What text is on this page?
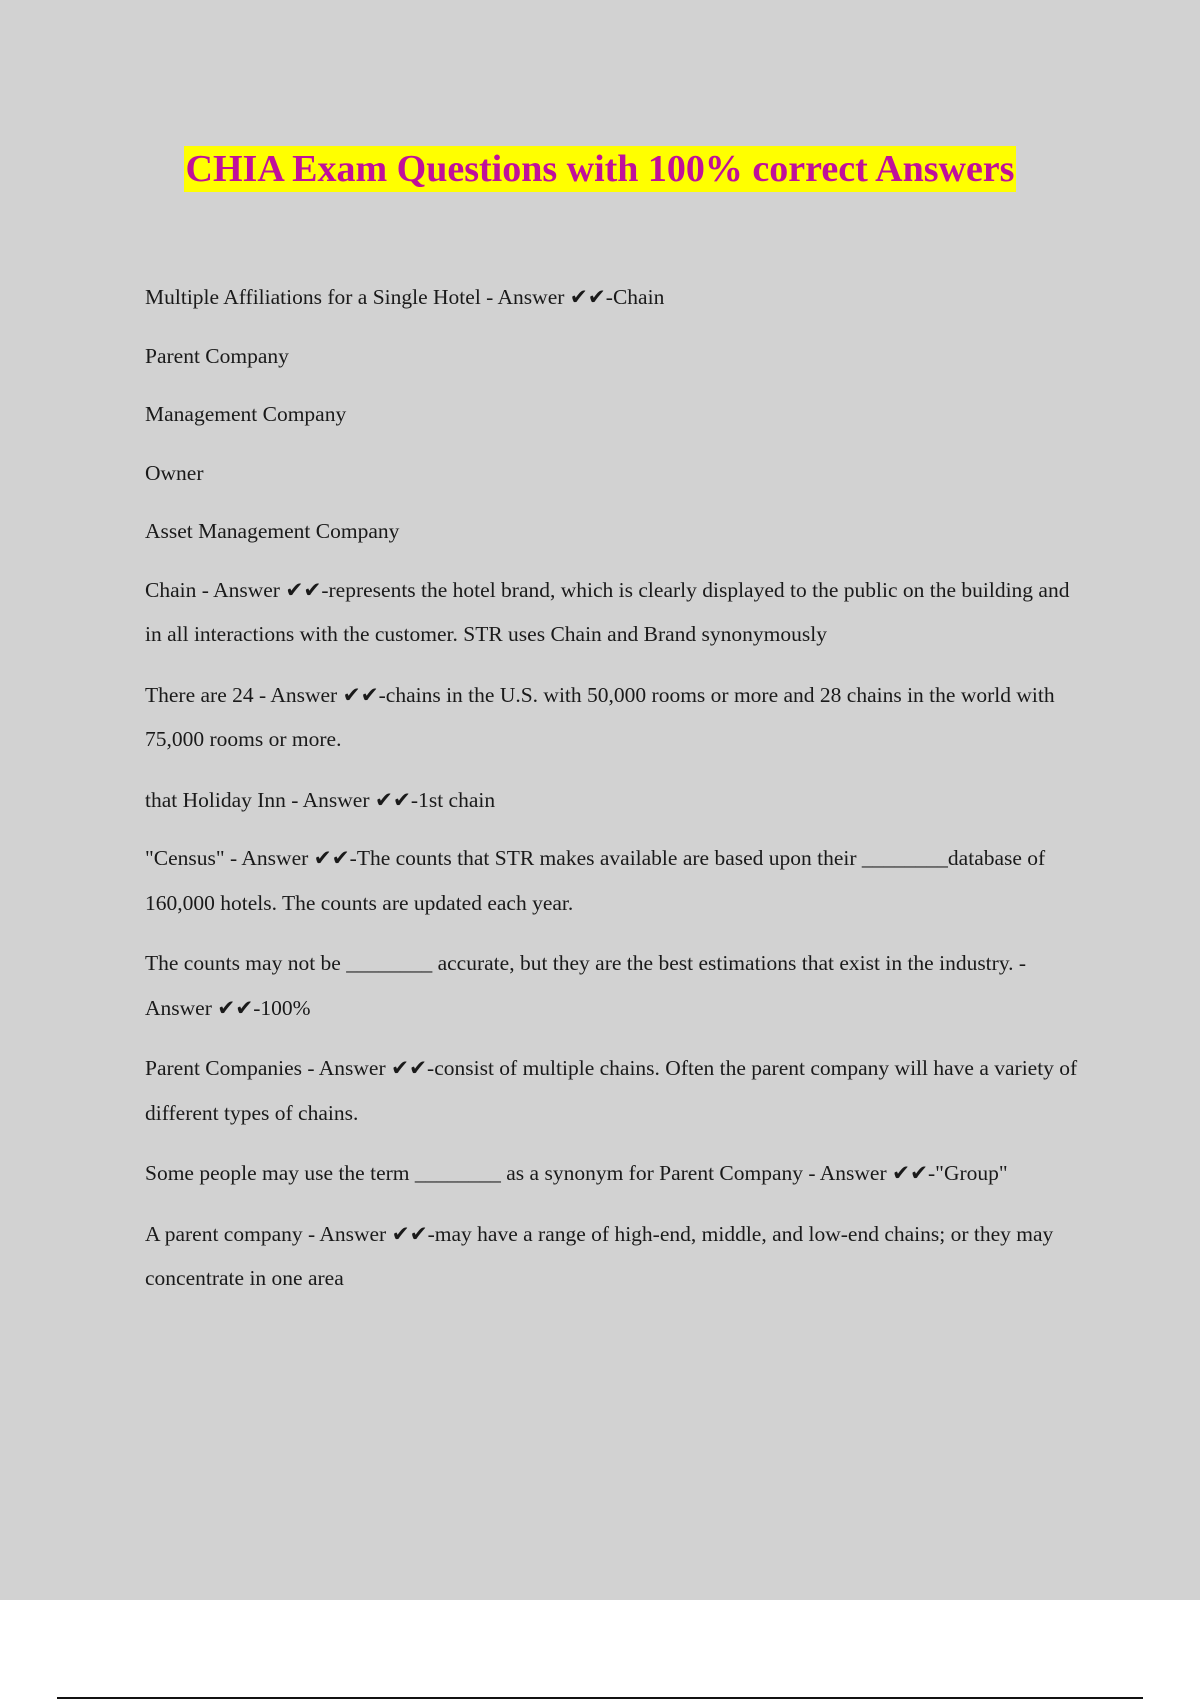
CHIA Exam Questions with 100% correct Answers

Multiple Affiliations for a Single Hotel - Answer ✔✔-Chain

Parent Company

Management Company

Owner

Asset Management Company

Chain - Answer ✔✔-represents the hotel brand, which is clearly displayed to the public on the building and in all interactions with the customer. STR uses Chain and Brand synonymously

There are 24 - Answer ✔✔-chains in the U.S. with 50,000 rooms or more and 28 chains in the world with 75,000 rooms or more.

that Holiday Inn - Answer ✔✔-1st chain

"Census" - Answer ✔✔-The counts that STR makes available are based upon their ________database of 160,000 hotels. The counts are updated each year.

The counts may not be ________ accurate, but they are the best estimations that exist in the industry. - Answer ✔✔-100%

Parent Companies - Answer ✔✔-consist of multiple chains. Often the parent company will have a variety of different types of chains.

Some people may use the term ________ as a synonym for Parent Company - Answer ✔✔-"Group"

A parent company - Answer ✔✔-may have a range of high-end, middle, and low-end chains; or they may concentrate in one area
